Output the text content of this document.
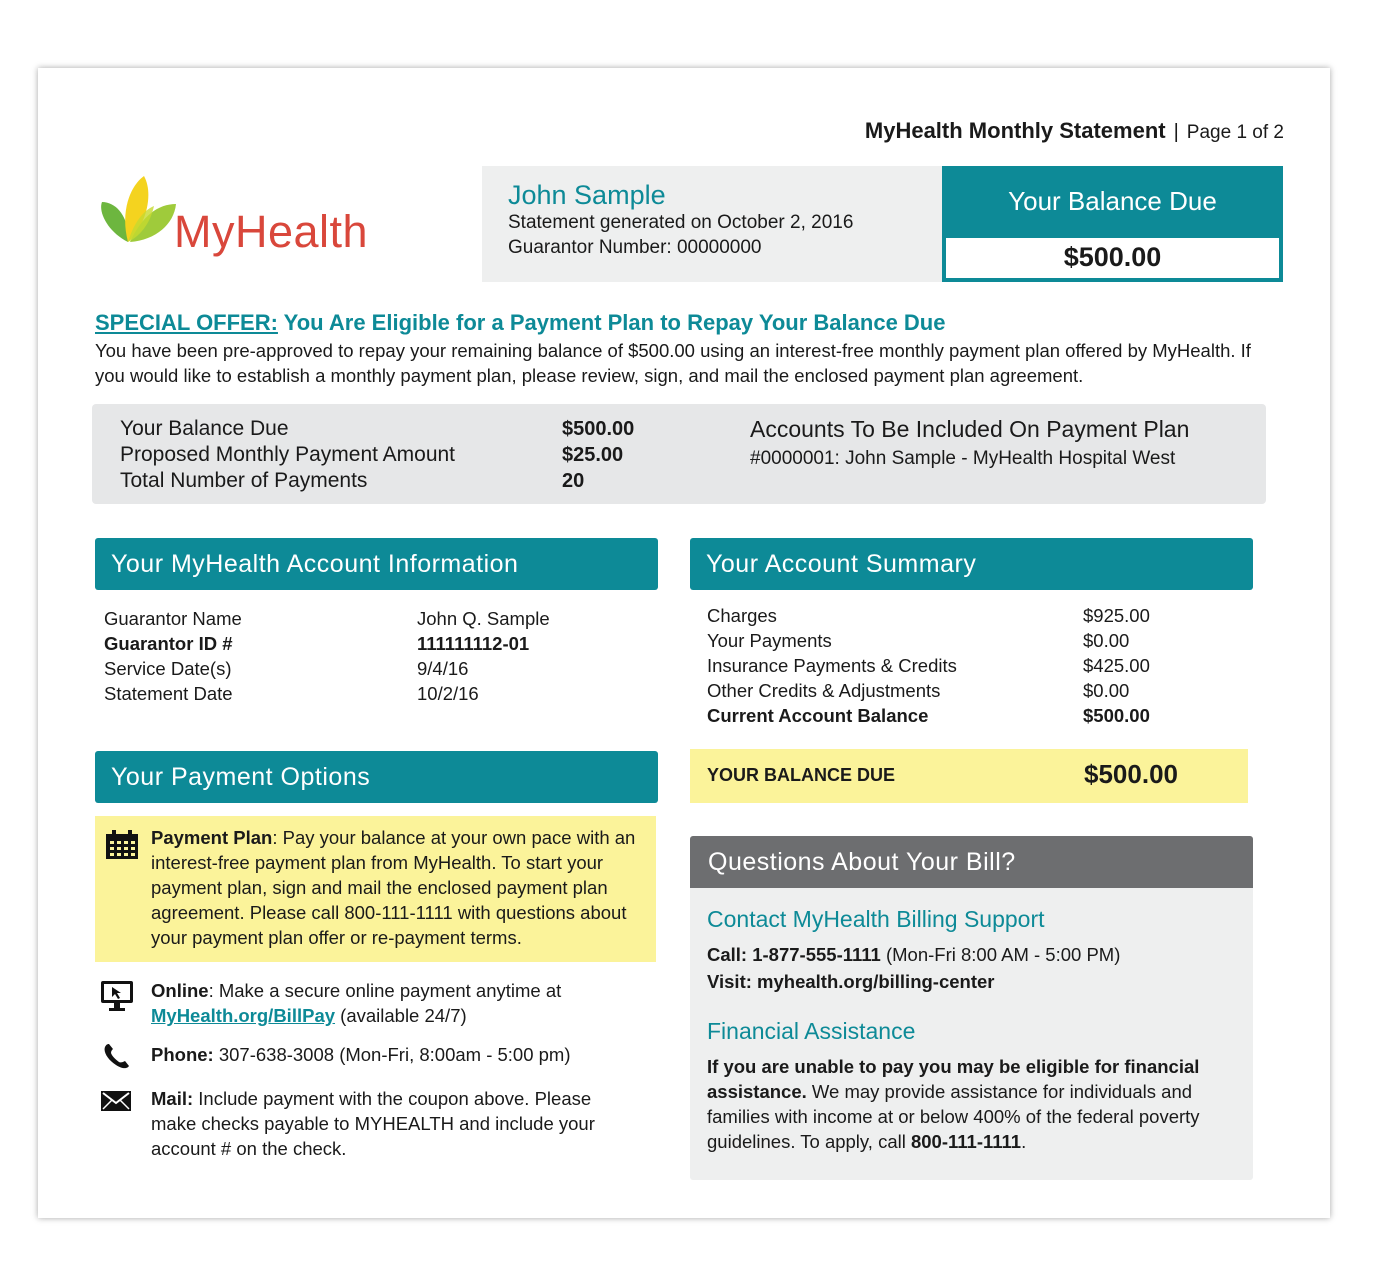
MyHealth Monthly Statement | Page 1 of 2
MyHealth
John Sample
Statement generated on October 2, 2016
Guarantor Number: 00000000
Your Balance Due
$500.00
SPECIAL OFFER: You Are Eligible for a Payment Plan to Repay Your Balance Due
You have been pre-approved to repay your remaining balance of $500.00 using an interest-free monthly payment plan offered by MyHealth. If you would like to establish a monthly payment plan, please review, sign, and mail the enclosed payment plan agreement.
Your Balance Due
Proposed Monthly Payment Amount
Total Number of Payments
$500.00
$25.00
20
Accounts To Be Included On Payment Plan
#0000001: John Sample - MyHealth Hospital West
Your MyHealth Account Information
Guarantor Name
Guarantor ID #
Service Date(s)
Statement Date
John Q. Sample
111111112-01
9/4/16
10/2/16
Your Account Summary
Charges
Your Payments
Insurance Payments & Credits
Other Credits & Adjustments
Current Account Balance
$925.00
$0.00
$425.00
$0.00
$500.00
YOUR BALANCE DUE	$500.00
Your Payment Options
Payment Plan: Pay your balance at your own pace with an interest-free payment plan from MyHealth. To start your payment plan, sign and mail the enclosed payment plan agreement. Please call 800-111-1111 with questions about your payment plan offer or re-payment terms.
Online: Make a secure online payment anytime at MyHealth.org/BillPay (available 24/7)
Phone: 307-638-3008 (Mon-Fri, 8:00am - 5:00 pm)
Mail: Include payment with the coupon above. Please make checks payable to MYHEALTH and include your account # on the check.
Questions About Your Bill?
Contact MyHealth Billing Support
Call: 1-877-555-1111 (Mon-Fri 8:00 AM - 5:00 PM)
Visit: myhealth.org/billing-center
Financial Assistance
If you are unable to pay you may be eligible for financial assistance. We may provide assistance for individuals and families with income at or below 400% of the federal poverty guidelines. To apply, call 800-111-1111.
